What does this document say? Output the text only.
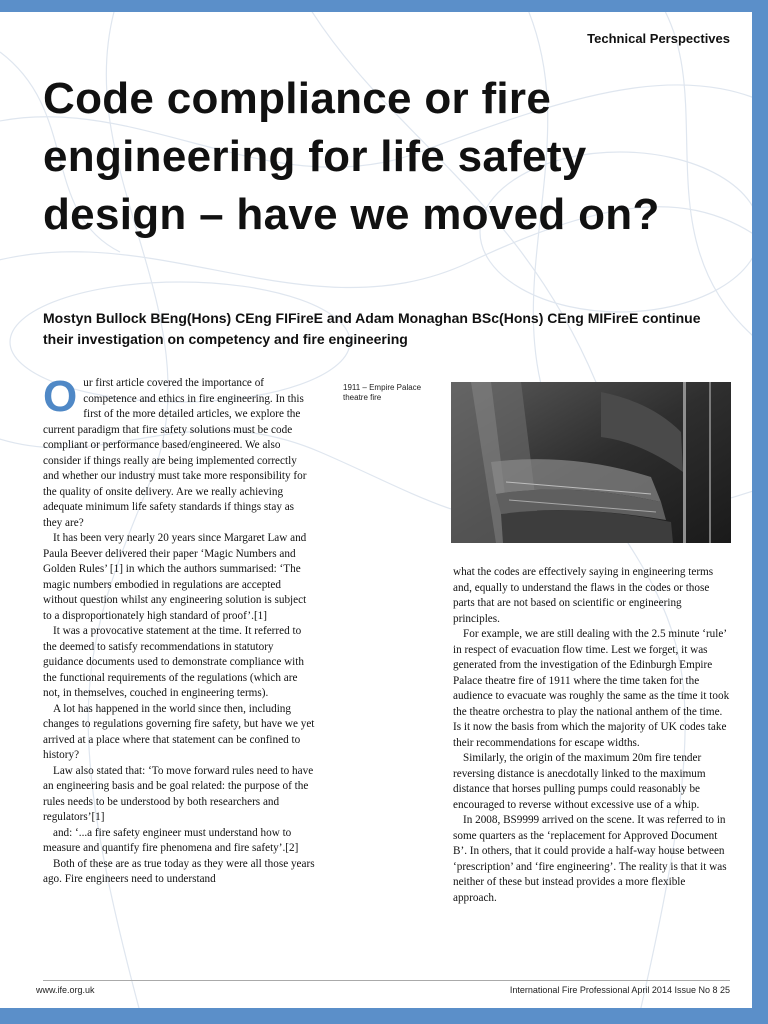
Technical Perspectives
Code compliance or fire engineering for life safety design – have we moved on?

Mostyn Bullock BEng(Hons) CEng FIFireE and Adam Monaghan BSc(Hons) CEng MIFireE continue their investigation on competency and fire engineering

O ur first article covered the importance of competence and ethics in fire engineering. In this first of the more detailed articles, we explore the current paradigm that fire safety solutions must be code compliant or performance based/engineered. We also consider if things really are being implemented correctly and whether our industry must take more responsibility for the quality of onsite delivery. Are we really achieving adequate minimum life safety standards if things stay as they are?

It has been very nearly 20 years since Margaret Law and Paula Beever delivered their paper ‘Magic Numbers and Golden Rules’ [1] in which the authors summarised: ‘The magic numbers embodied in regulations are accepted without question whilst any engineering solution is subject to a disproportionately high standard of proof’.[1]

It was a provocative statement at the time. It referred to the deemed to satisfy recommendations in statutory guidance documents used to demonstrate compliance with the functional requirements of the regulations (which are not, in themselves, couched in engineering terms).

A lot has happened in the world since then, including changes to regulations governing fire safety, but have we yet arrived at a place where that statement can be confined to history?

Law also stated that: ‘To move forward rules need to have an engineering basis and be goal related: the purpose of the rules needs to be understood by both researchers and regulators’[1]

and: ‘...a fire safety engineer must understand how to measure and quantify fire phenomena and fire safety’.[2]

Both of these are as true today as they were all those years ago. Fire engineers need to understand

1911 – Empire Palace theatre fire

what the codes are effectively saying in engineering terms and, equally to understand the flaws in the codes or those parts that are not based on scientific or engineering principles.

For example, we are still dealing with the 2.5 minute ‘rule’ in respect of evacuation flow time. Lest we forget, it was generated from the investigation of the Edinburgh Empire Palace theatre fire of 1911 where the time taken for the audience to evacuate was roughly the same as the time it took the theatre orchestra to play the national anthem of the time. Is it now the basis from which the majority of UK codes take their recommendations for escape widths.

Similarly, the origin of the maximum 20m fire tender reversing distance is anecdotally linked to the maximum distance that horses pulling pumps could reasonably be encouraged to reverse without excessive use of a whip.

In 2008, BS9999 arrived on the scene. It was referred to in some quarters as the ‘replacement for Approved Document B’. In others, that it could provide a half-way house between ‘prescription’ and ‘fire engineering’. The reality is that it was neither of these but instead provides a more flexible approach.

www.ife.org.uk	International Fire Professional April 2014 Issue No 8 25
